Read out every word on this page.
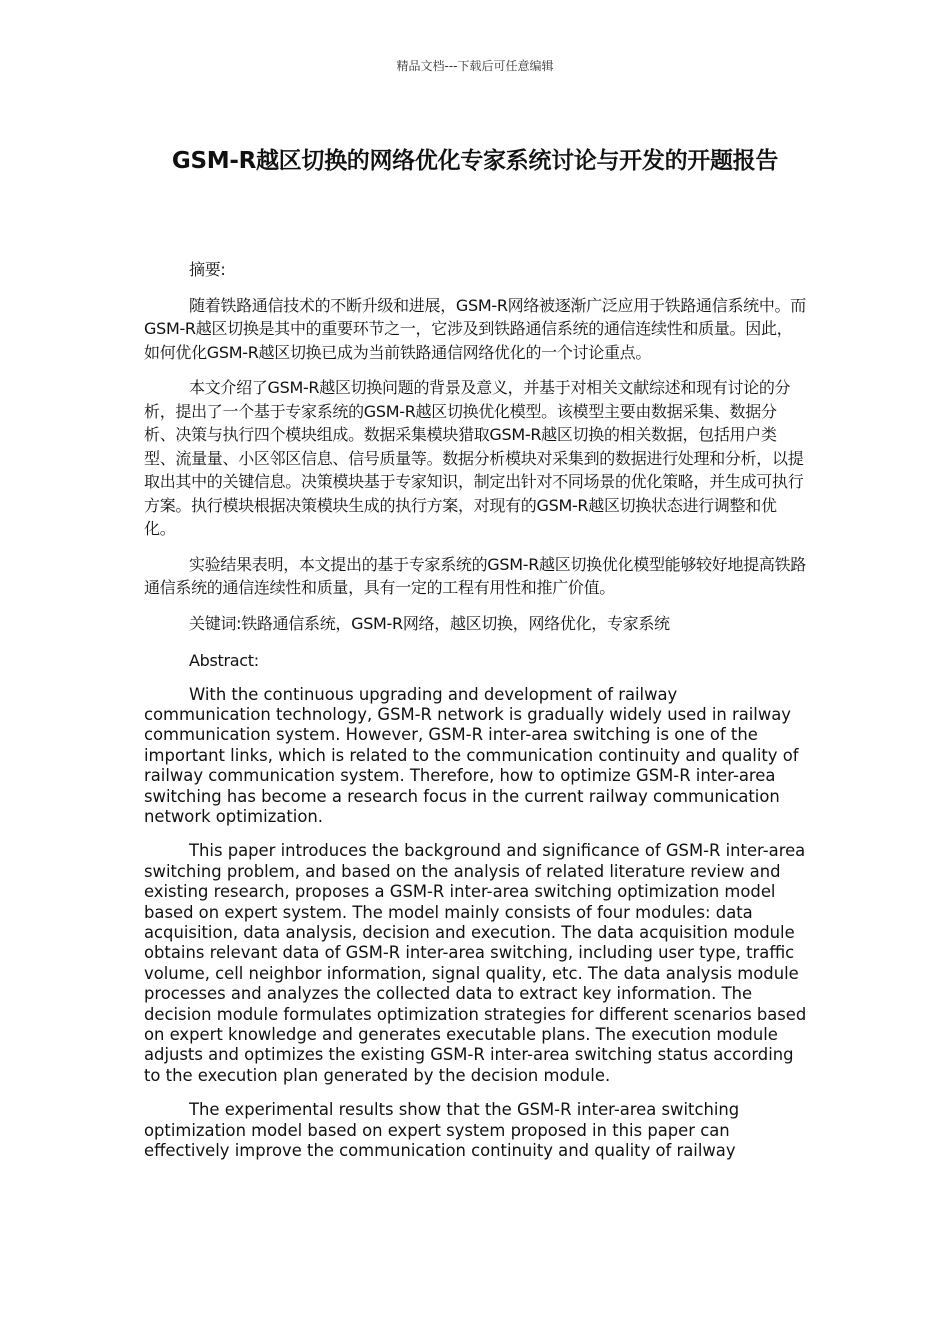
精品文档---下载后可任意编辑
GSM-R越区切换的网络优化专家系统讨论与开发的开题报告

摘要:

随着铁路通信技术的不断升级和进展，GSM-R网络被逐渐广泛应用于铁路通信系统中。而GSM-R越区切换是其中的重要环节之一，它涉及到铁路通信系统的通信连续性和质量。因此，如何优化GSM-R越区切换已成为当前铁路通信网络优化的一个讨论重点。

本文介绍了GSM-R越区切换问题的背景及意义，并基于对相关文献综述和现有讨论的分析，提出了一个基于专家系统的GSM-R越区切换优化模型。该模型主要由数据采集、数据分析、决策与执行四个模块组成。数据采集模块猎取GSM-R越区切换的相关数据，包括用户类型、流量量、小区邻区信息、信号质量等。数据分析模块对采集到的数据进行处理和分析，以提取出其中的关键信息。决策模块基于专家知识，制定出针对不同场景的优化策略，并生成可执行方案。执行模块根据决策模块生成的执行方案，对现有的GSM-R越区切换状态进行调整和优化。

实验结果表明，本文提出的基于专家系统的GSM-R越区切换优化模型能够较好地提高铁路通信系统的通信连续性和质量，具有一定的工程有用性和推广价值。

关键词:铁路通信系统，GSM-R网络，越区切换，网络优化，专家系统

Abstract:

With the continuous upgrading and development of railway communication technology, GSM-R network is gradually widely used in railway communication system. However, GSM-R inter-area switching is one of the important links, which is related to the communication continuity and quality of railway communication system. Therefore, how to optimize GSM-R inter-area switching has become a research focus in the current railway communication network optimization.

This paper introduces the background and significance of GSM-R inter-area switching problem, and based on the analysis of related literature review and existing research, proposes a GSM-R inter-area switching optimization model based on expert system. The model mainly consists of four modules: data acquisition, data analysis, decision and execution. The data acquisition module obtains relevant data of GSM-R inter-area switching, including user type, traffic volume, cell neighbor information, signal quality, etc. The data analysis module processes and analyzes the collected data to extract key information. The decision module formulates optimization strategies for different scenarios based on expert knowledge and generates executable plans. The execution module adjusts and optimizes the existing GSM-R inter-area switching status according to the execution plan generated by the decision module.

The experimental results show that the GSM-R inter-area switching optimization model based on expert system proposed in this paper can effectively improve the communication continuity and quality of railway
